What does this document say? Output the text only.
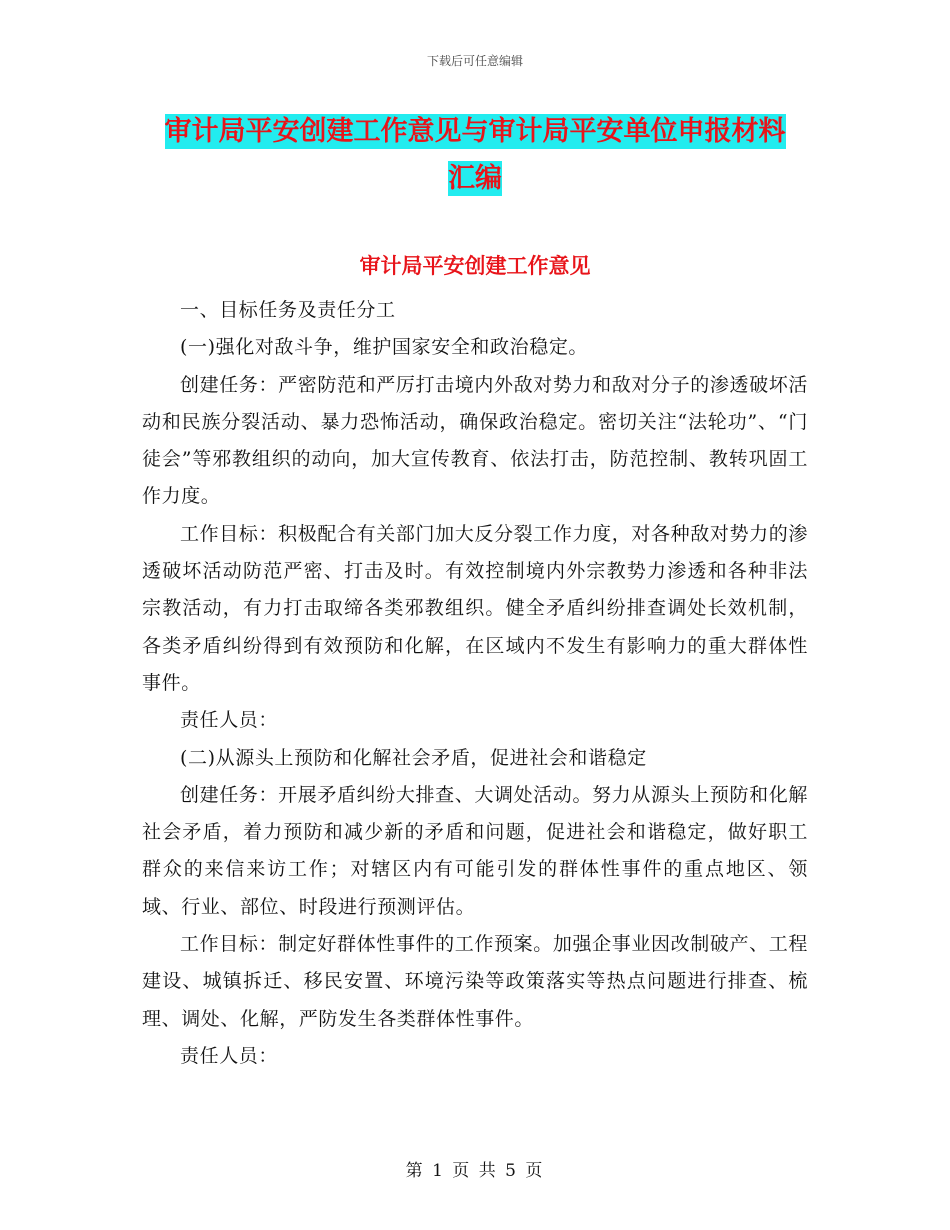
下载后可任意编辑
审计局平安创建工作意见与审计局平安单位申报材料
汇编
审计局平安创建工作意见

一、目标任务及责任分工

(一)强化对敌斗争，维护国家安全和政治稳定。

创建任务：严密防范和严厉打击境内外敌对势力和敌对分子的渗透破坏活动和民族分裂活动、暴力恐怖活动，确保政治稳定。密切关注“法轮功”、“门徒会”等邪教组织的动向，加大宣传教育、依法打击，防范控制、教转巩固工作力度。

工作目标：积极配合有关部门加大反分裂工作力度，对各种敌对势力的渗透破坏活动防范严密、打击及时。有效控制境内外宗教势力渗透和各种非法宗教活动，有力打击取缔各类邪教组织。健全矛盾纠纷排查调处长效机制，各类矛盾纠纷得到有效预防和化解，在区域内不发生有影响力的重大群体性事件。

责任人员：

(二)从源头上预防和化解社会矛盾，促进社会和谐稳定

创建任务：开展矛盾纠纷大排查、大调处活动。努力从源头上预防和化解社会矛盾，着力预防和减少新的矛盾和问题，促进社会和谐稳定，做好职工群众的来信来访工作；对辖区内有可能引发的群体性事件的重点地区、领域、行业、部位、时段进行预测评估。

工作目标：制定好群体性事件的工作预案。加强企事业因改制破产、工程建设、城镇拆迁、移民安置、环境污染等政策落实等热点问题进行排查、梳理、调处、化解，严防发生各类群体性事件。

责任人员：

第 1 页 共 5 页
